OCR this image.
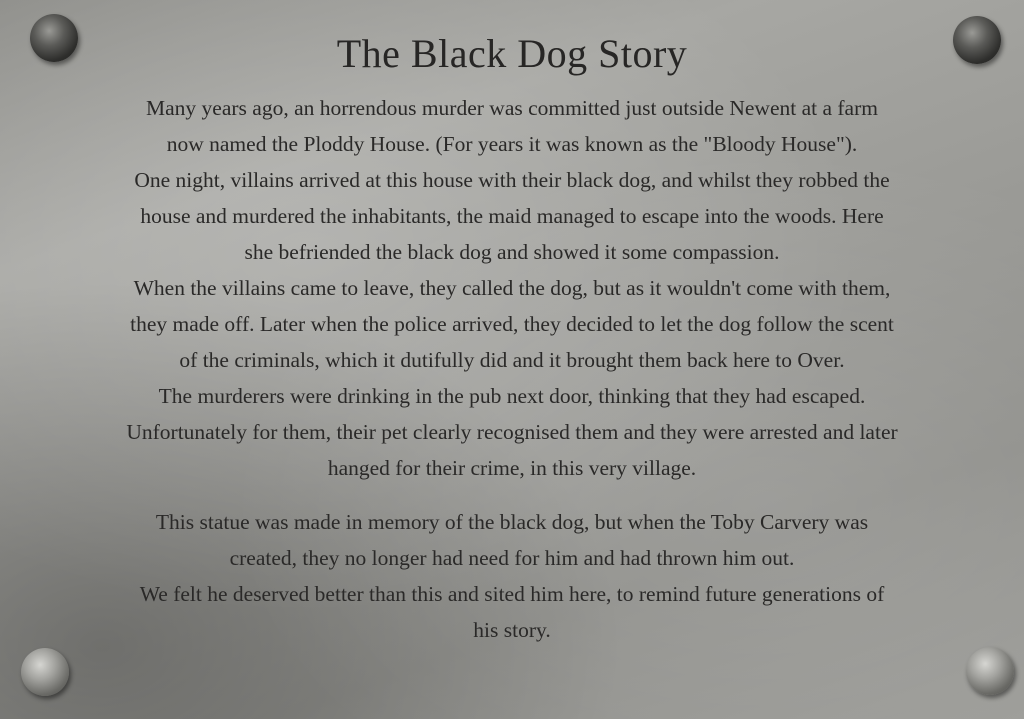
The Black Dog Story
Many years ago, an horrendous murder was committed just outside Newent at a farm
now named the Ploddy House. (For years it was known as the "Bloody House").
One night, villains arrived at this house with their black dog, and whilst they robbed the
house and murdered the inhabitants, the maid managed to escape into the woods. Here
she befriended the black dog and showed it some compassion.
When the villains came to leave, they called the dog, but as it wouldn't come with them,
they made off. Later when the police arrived, they decided to let the dog follow the scent
of the criminals, which it dutifully did and it brought them back here to Over.
The murderers were drinking in the pub next door, thinking that they had escaped.
Unfortunately for them, their pet clearly recognised them and they were arrested and later
hanged for their crime, in this very village.
This statue was made in memory of the black dog, but when the Toby Carvery was
created, they no longer had need for him and had thrown him out.
We felt he deserved better than this and sited him here, to remind future generations of
his story.
